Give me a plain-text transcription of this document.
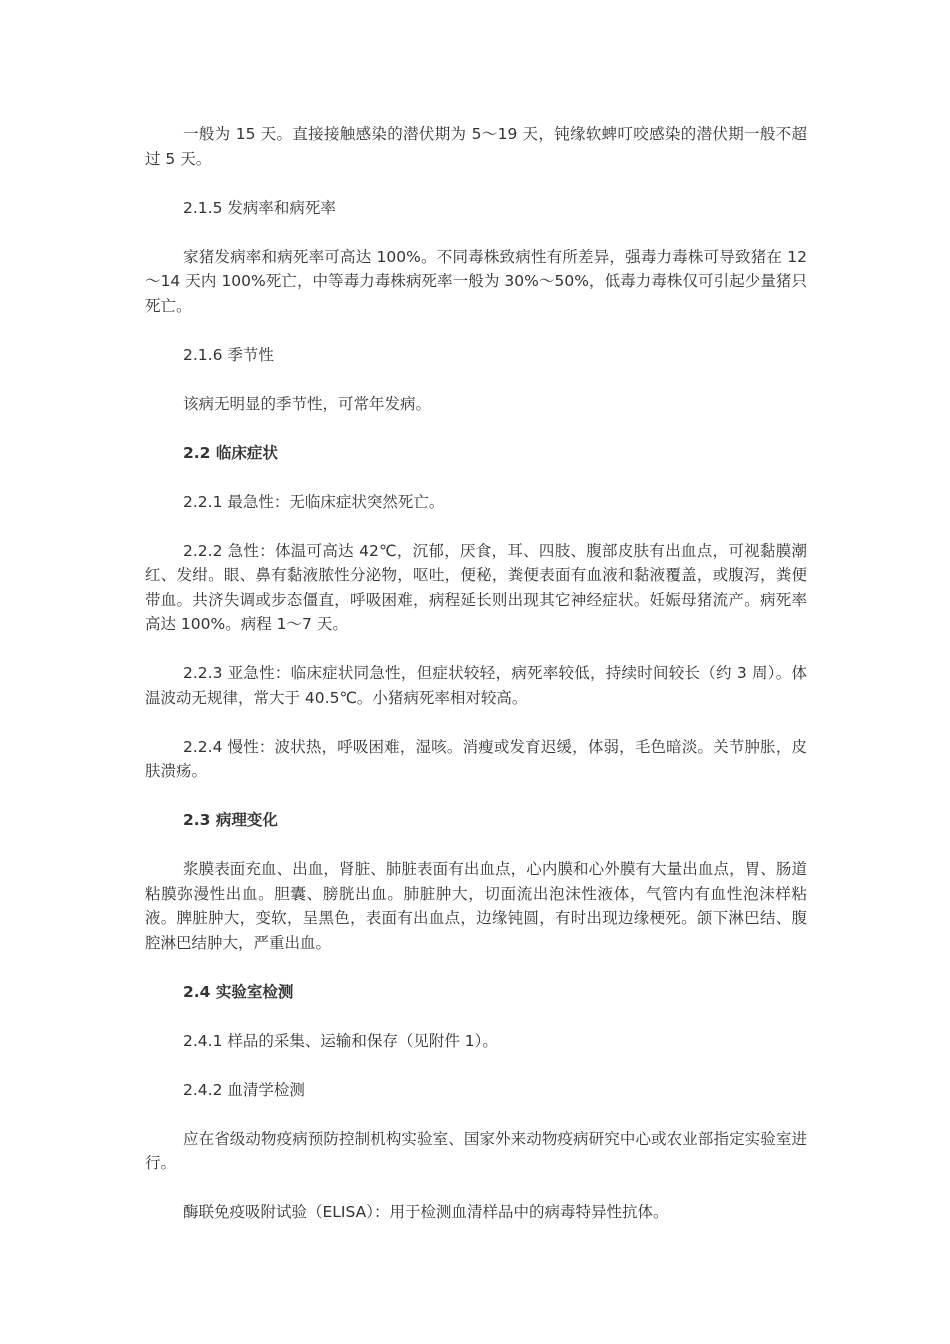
一般为 15 天。直接接触感染的潜伏期为 5～19 天，钝缘软蜱叮咬感染的潜伏期一般不超过 5 天。

2.1.5 发病率和病死率

家猪发病率和病死率可高达 100%。不同毒株致病性有所差异，强毒力毒株可导致猪在 12～14 天内 100%死亡，中等毒力毒株病死率一般为 30%～50%，低毒力毒株仅可引起少量猪只死亡。

2.1.6 季节性

该病无明显的季节性，可常年发病。

2.2 临床症状

2.2.1 最急性：无临床症状突然死亡。

2.2.2 急性：体温可高达 42℃，沉郁，厌食，耳、四肢、腹部皮肤有出血点，可视黏膜潮红、发绀。眼、鼻有黏液脓性分泌物，呕吐，便秘，粪便表面有血液和黏液覆盖，或腹泻，粪便带血。共济失调或步态僵直，呼吸困难，病程延长则出现其它神经症状。妊娠母猪流产。病死率高达 100%。病程 1～7 天。

2.2.3 亚急性：临床症状同急性，但症状较轻，病死率较低，持续时间较长（约 3 周）。体温波动无规律，常大于 40.5℃。小猪病死率相对较高。

2.2.4 慢性：波状热，呼吸困难，湿咳。消瘦或发育迟缓，体弱，毛色暗淡。关节肿胀，皮肤溃疡。

2.3 病理变化

浆膜表面充血、出血，肾脏、肺脏表面有出血点，心内膜和心外膜有大量出血点，胃、肠道粘膜弥漫性出血。胆囊、膀胱出血。肺脏肿大，切面流出泡沫性液体，气管内有血性泡沫样粘液。脾脏肿大，变软，呈黑色，表面有出血点，边缘钝圆，有时出现边缘梗死。颌下淋巴结、腹腔淋巴结肿大，严重出血。

2.4 实验室检测

2.4.1 样品的采集、运输和保存（见附件 1）。

2.4.2 血清学检测

应在省级动物疫病预防控制机构实验室、国家外来动物疫病研究中心或农业部指定实验室进行。

酶联免疫吸附试验（ELISA）：用于检测血清样品中的病毒特异性抗体。
